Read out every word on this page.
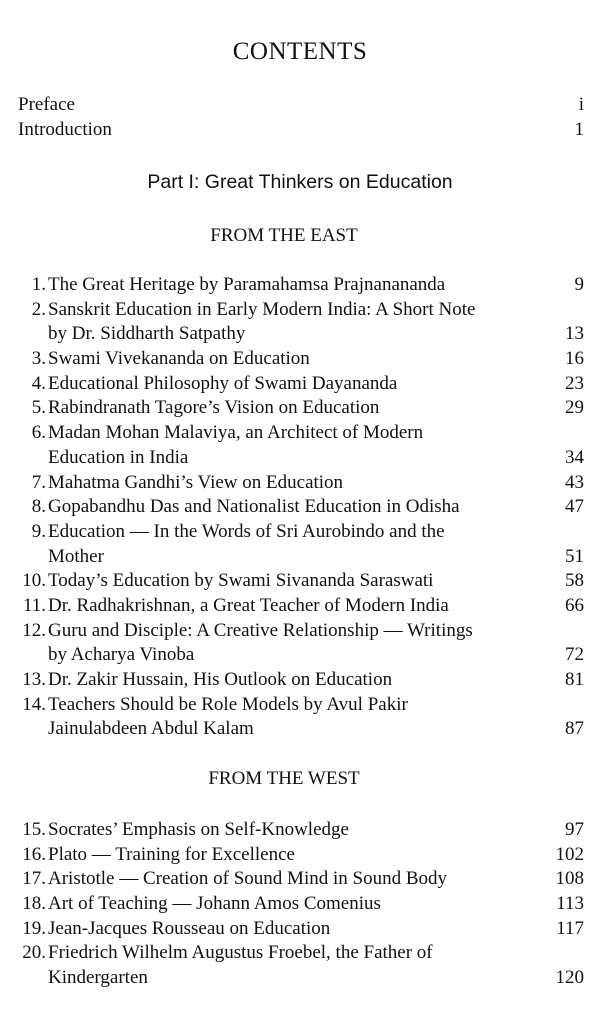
CONTENTS
Preface	i
Introduction	1
Part I: Great Thinkers on Education
FROM THE EAST
1. The Great Heritage by Paramahamsa Prajnanananda	9
2. Sanskrit Education in Early Modern India: A Short Note
by Dr. Siddharth Satpathy	13
3. Swami Vivekananda on Education	16
4. Educational Philosophy of Swami Dayananda	23
5. Rabindranath Tagore’s Vision on Education	29
6. Madan Mohan Malaviya, an Architect of Modern
Education in India	34
7. Mahatma Gandhi’s View on Education	43
8. Gopabandhu Das and Nationalist Education in Odisha	47
9. Education — In the Words of Sri Aurobindo and the
Mother	51
10. Today’s Education by Swami Sivananda Saraswati	58
11. Dr. Radhakrishnan, a Great Teacher of Modern India	66
12. Guru and Disciple: A Creative Relationship — Writings
by Acharya Vinoba	72
13. Dr. Zakir Hussain, His Outlook on Education	81
14. Teachers Should be Role Models by Avul Pakir
Jainulabdeen Abdul Kalam	87
FROM THE WEST
15. Socrates’ Emphasis on Self-Knowledge	97
16. Plato — Training for Excellence	102
17. Aristotle — Creation of Sound Mind in Sound Body	108
18. Art of Teaching — Johann Amos Comenius	113
19. Jean-Jacques Rousseau on Education	117
20. Friedrich Wilhelm Augustus Froebel, the Father of
Kindergarten	120
